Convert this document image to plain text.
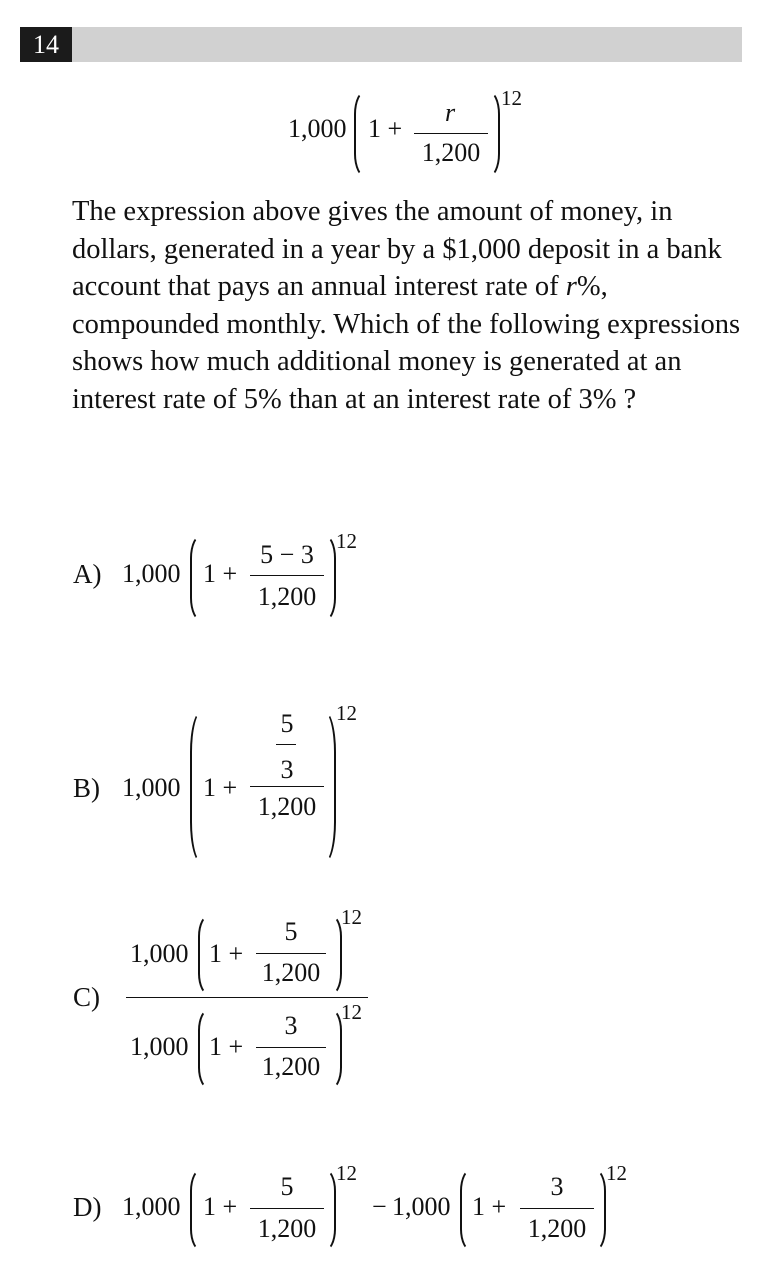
14
1,000 1 +
r
1,200
12
The expression above gives the amount of money, in dollars, generated in a year by a $1,000 deposit in a bank account that pays an annual interest rate of r%, compounded monthly. Which of the following expressions shows how much additional money is generated at an interest rate of 5% than at an interest rate of 3% ?
A) 1,000 1 +
5 − 3
1,200
12
B) 1,000 1 +
5
3
1,200
12
C)
1,000 1 +
5
1,200
12
1,000 1 +
3
1,200
12
D) 1,000 1 +
5
1,200
12
− 1,000 1 +
3
1,200
12
